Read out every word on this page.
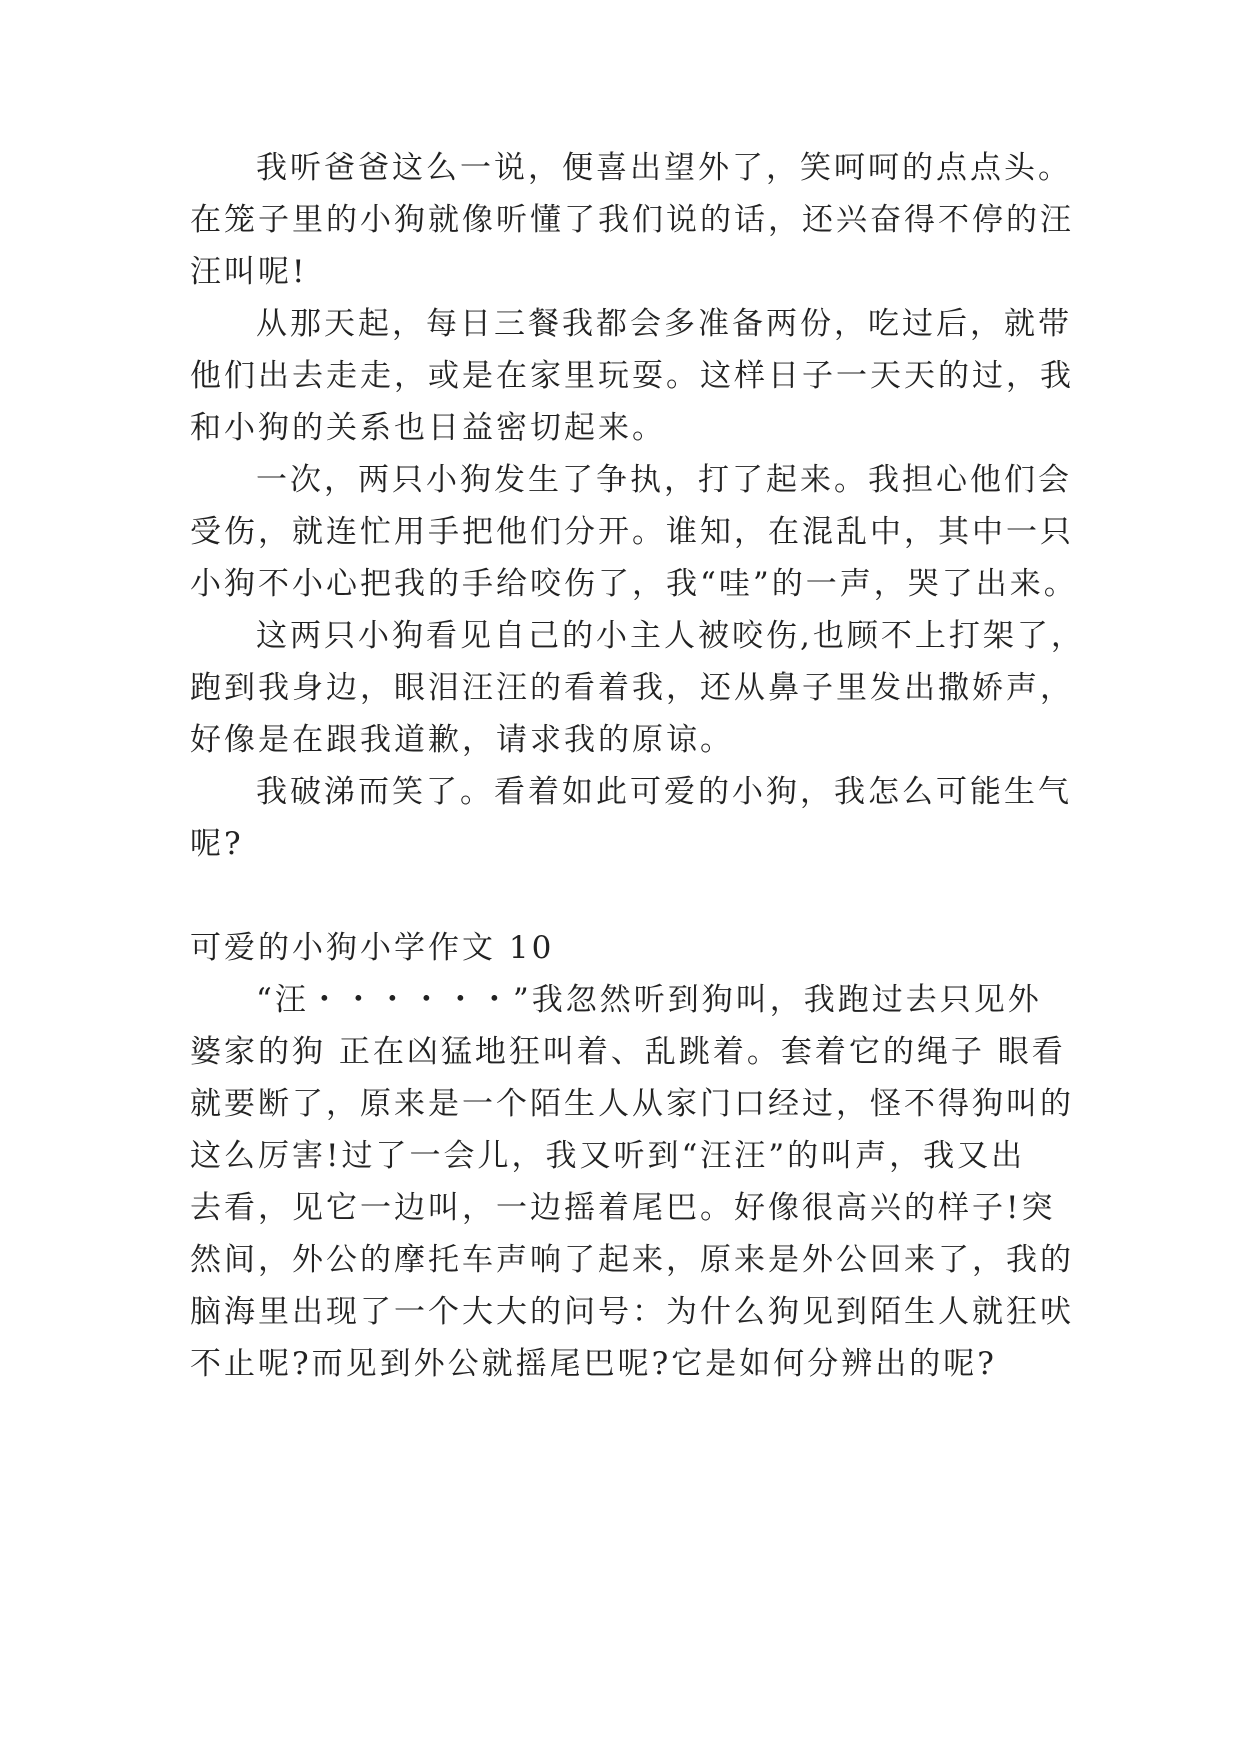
我听爸爸这么一说，便喜出望外了，笑呵呵的点点头。
在笼子里的小狗就像听懂了我们说的话，还兴奋得不停的汪
汪叫呢!
从那天起，每日三餐我都会多准备两份，吃过后，就带
他们出去走走，或是在家里玩耍。这样日子一天天的过，我
和小狗的关系也日益密切起来。
一次，两只小狗发生了争执，打了起来。我担心他们会
受伤，就连忙用手把他们分开。谁知，在混乱中，其中一只
小狗不小心把我的手给咬伤了，我“哇”的一声，哭了出来。
这两只小狗看见自己的小主人被咬伤,也顾不上打架了，
跑到我身边，眼泪汪汪的看着我，还从鼻子里发出撒娇声，
好像是在跟我道歉，请求我的原谅。
我破涕而笑了。看着如此可爱的小狗，我怎么可能生气
呢?
可爱的小狗小学作文 10
“汪・・・・・・”我忽然听到狗叫，我跑过去只见外
婆家的狗 正在凶猛地狂叫着、乱跳着。套着它的绳子 眼看
就要断了，原来是一个陌生人从家门口经过，怪不得狗叫的
这么厉害!过了一会儿，我又听到“汪汪”的叫声，我又出
去看，见它一边叫，一边摇着尾巴。好像很高兴的样子!突
然间，外公的摩托车声响了起来，原来是外公回来了，我的
脑海里出现了一个大大的问号：为什么狗见到陌生人就狂吠
不止呢?而见到外公就摇尾巴呢?它是如何分辨出的呢?
